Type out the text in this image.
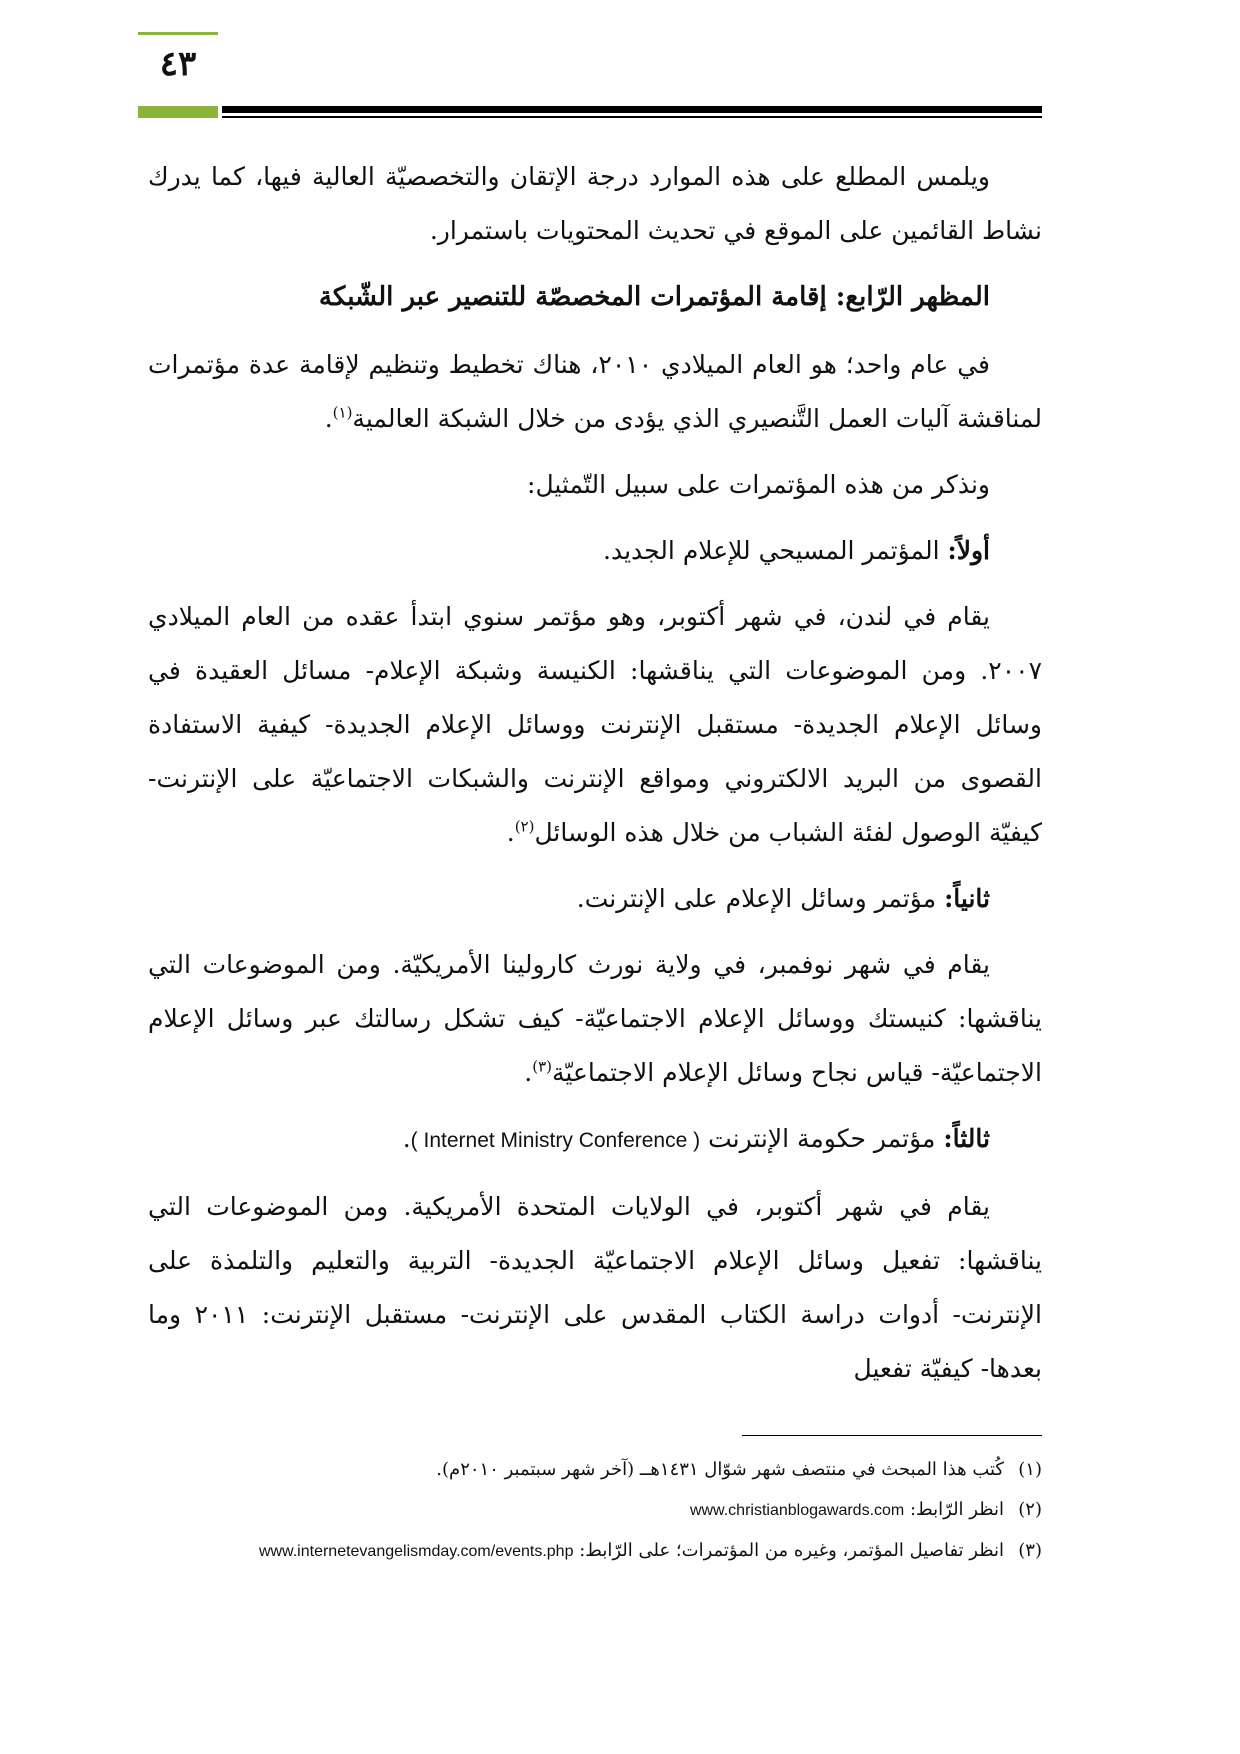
٤٣

ويلمس المطلع على هذه الموارد درجة الإتقان والتخصصيّة العالية فيها، كما يدرك نشاط القائمين على الموقع في تحديث المحتويات باستمرار.

المظهر الرّابع: إقامة المؤتمرات المخصصّة للتنصير عبر الشّبكة

في عام واحد؛ هو العام الميلادي ٢٠١٠، هناك تخطيط وتنظيم لإقامة عدة مؤتمرات لمناقشة آليات العمل التَّنصيري الذي يؤدى من خلال الشبكة العالمية$^{(١)}$.

ونذكر من هذه المؤتمرات على سبيل التّمثيل:

أولاً: المؤتمر المسيحي للإعلام الجديد.

يقام في لندن، في شهر أكتوبر، وهو مؤتمر سنوي ابتدأ عقده من العام الميلادي ٢٠٠٧. ومن الموضوعات التي يناقشها: الكنيسة وشبكة الإعلام- مسائل العقيدة في وسائل الإعلام الجديدة- مستقبل الإنترنت ووسائل الإعلام الجديدة- كيفية الاستفادة القصوى من البريد الالكتروني ومواقع الإنترنت والشبكات الاجتماعيّة على الإنترنت- كيفيّة الوصول لفئة الشباب من خلال هذه الوسائل$^{(٢)}$.

ثانياً: مؤتمر وسائل الإعلام على الإنترنت.

يقام في شهر نوفمبر، في ولاية نورث كارولينا الأمريكيّة. ومن الموضوعات التي يناقشها: كنيستك ووسائل الإعلام الاجتماعيّة- كيف تشكل رسالتك عبر وسائل الإعلام الاجتماعيّة- قياس نجاح وسائل الإعلام الاجتماعيّة$^{(٣)}$.

ثالثاً: مؤتمر حكومة الإنترنت ( Internet Ministry Conference ).

يقام في شهر أكتوبر، في الولايات المتحدة الأمريكية. ومن الموضوعات التي يناقشها: تفعيل وسائل الإعلام الاجتماعيّة الجديدة- التربية والتعليم والتلمذة على الإنترنت- أدوات دراسة الكتاب المقدس على الإنترنت- مستقبل الإنترنت: ٢٠١١ وما بعدها- كيفيّة تفعيل

(١)كُتب هذا المبحث في منتصف شهر شوّال ١٤٣١هــ (آخر شهر سبتمبر ٢٠١٠م).

(٢)انظر الرّابط: www.christianblogawards.com

(٣)انظر تفاصيل المؤتمر، وغيره من المؤتمرات؛ على الرّابط: www.internetevangelismday.com/events.php
